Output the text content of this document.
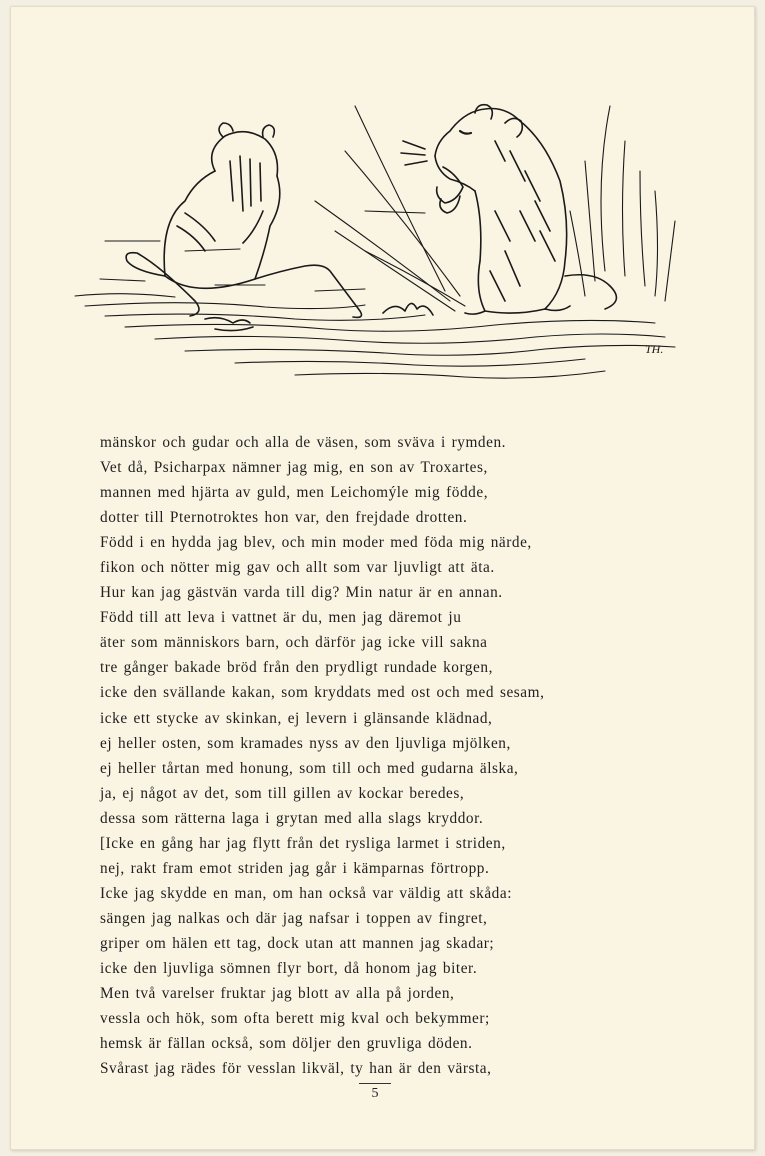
TH.
mänskor och gudar och alla de väsen, som sväva i rymden.
Vet då, Psicharpax nämner jag mig, en son av Troxartes,
mannen med hjärta av guld, men Leichomýle mig födde,
dotter till Pternotroktes hon var, den frejdade drotten.
Född i en hydda jag blev, och min moder med föda mig närde,
fikon och nötter mig gav och allt som var ljuvligt att äta.
Hur kan jag gästvän varda till dig? Min natur är en annan.
Född till att leva i vattnet är du, men jag däremot ju
äter som människors barn, och därför jag icke vill sakna
tre gånger bakade bröd från den prydligt rundade korgen,
icke den svällande kakan, som kryddats med ost och med sesam,
icke ett stycke av skinkan, ej levern i glänsande klädnad,
ej heller osten, som kramades nyss av den ljuvliga mjölken,
ej heller tårtan med honung, som till och med gudarna älska,
ja, ej något av det, som till gillen av kockar beredes,
dessa som rätterna laga i grytan med alla slags kryddor.
[Icke en gång har jag flytt från det rysliga larmet i striden,
nej, rakt fram emot striden jag går i kämparnas förtropp.
Icke jag skydde en man, om han också var väldig att skåda:
sängen jag nalkas och där jag nafsar i toppen av fingret,
griper om hälen ett tag, dock utan att mannen jag skadar;
icke den ljuvliga sömnen flyr bort, då honom jag biter.
Men två varelser fruktar jag blott av alla på jorden,
vessla och hök, som ofta berett mig kval och bekymmer;
hemsk är fällan också, som döljer den gruvliga döden.
Svårast jag rädes för vesslan likväl, ty han är den värsta,
5
